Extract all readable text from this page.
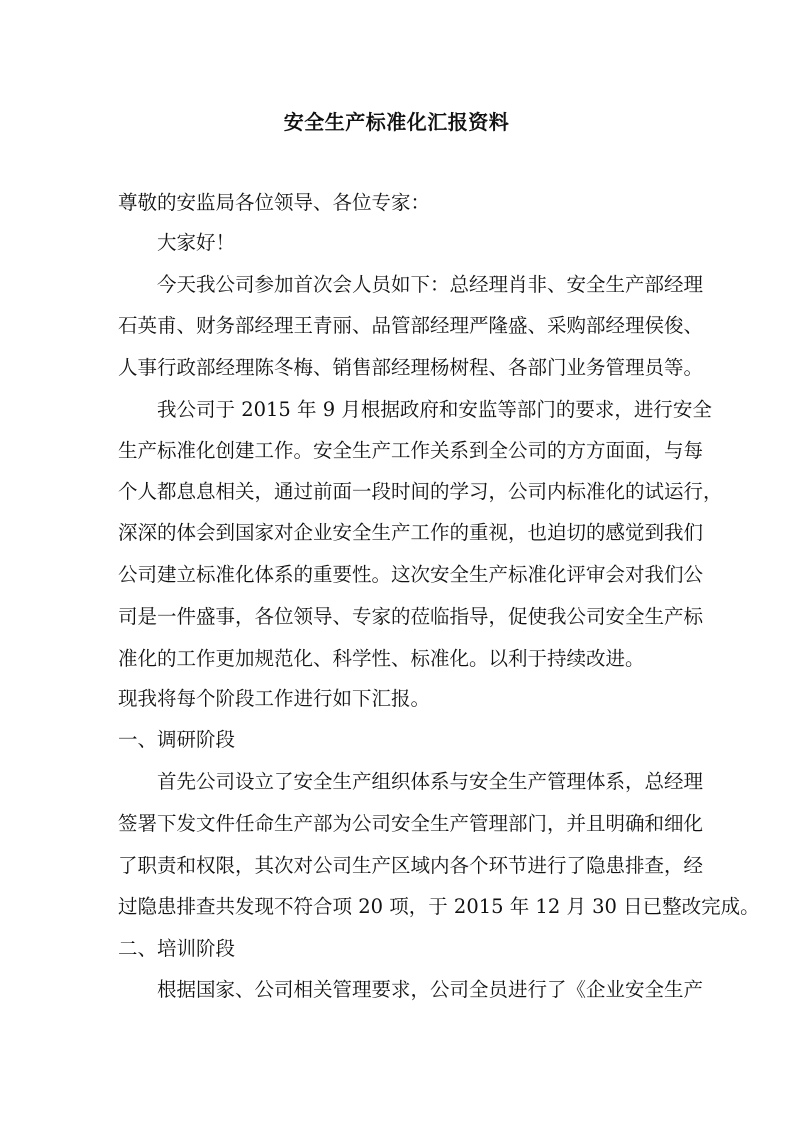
安全生产标准化汇报资料
尊敬的安监局各位领导、各位专家：
大家好！
今天我公司参加首次会人员如下：总经理肖非、安全生产部经理
石英甫、财务部经理王青丽、品管部经理严隆盛、采购部经理侯俊、
人事行政部经理陈冬梅、销售部经理杨树程、各部门业务管理员等。
我公司于 2015 年 9 月根据政府和安监等部门的要求，进行安全
生产标准化创建工作。安全生产工作关系到全公司的方方面面，与每
个人都息息相关，通过前面一段时间的学习，公司内标准化的试运行，
深深的体会到国家对企业安全生产工作的重视，也迫切的感觉到我们
公司建立标准化体系的重要性。这次安全生产标准化评审会对我们公
司是一件盛事，各位领导、专家的莅临指导，促使我公司安全生产标
准化的工作更加规范化、科学性、标准化。以利于持续改进。
现我将每个阶段工作进行如下汇报。
一、调研阶段
首先公司设立了安全生产组织体系与安全生产管理体系，总经理
签署下发文件任命生产部为公司安全生产管理部门，并且明确和细化
了职责和权限，其次对公司生产区域内各个环节进行了隐患排查，经
过隐患排查共发现不符合项 20 项，于 2015 年 12 月 30 日已整改完成。
二、培训阶段
根据国家、公司相关管理要求，公司全员进行了《企业安全生产
